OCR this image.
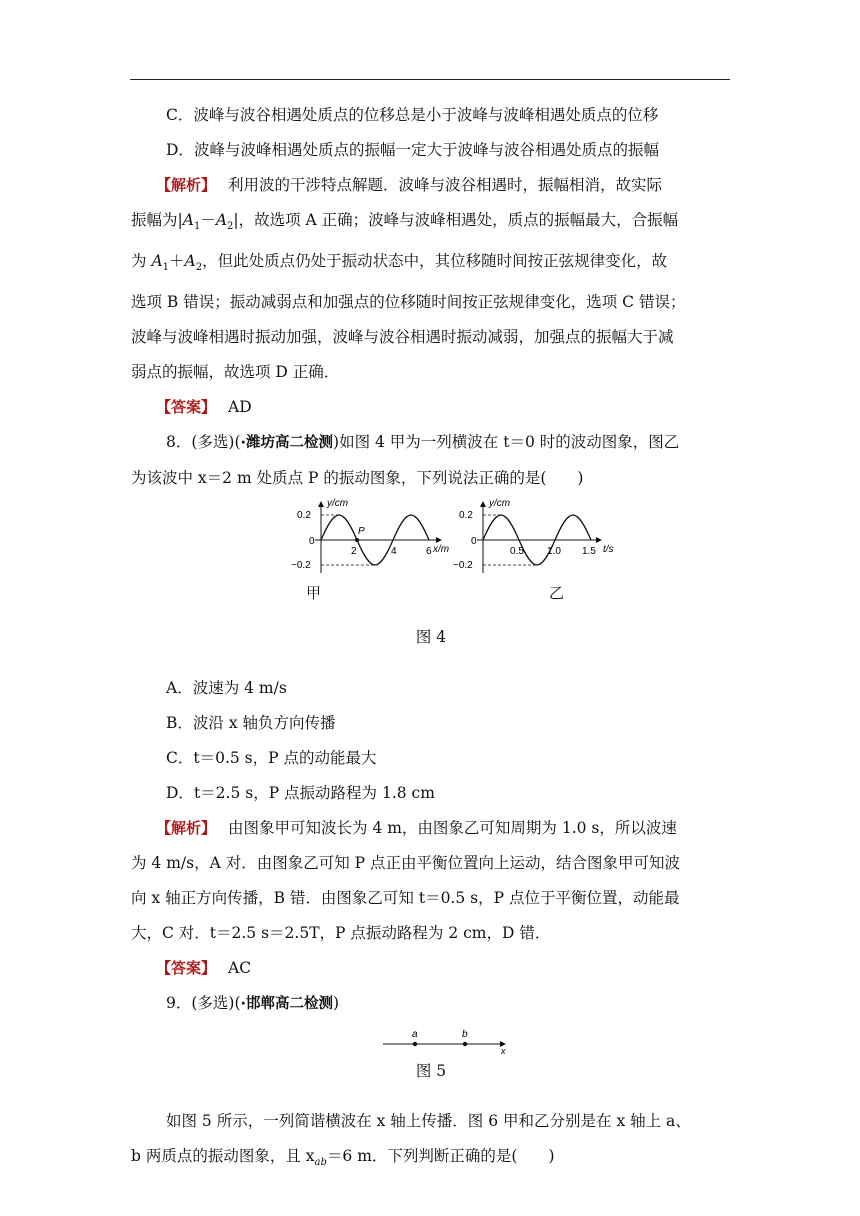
C．波峰与波谷相遇处质点的位移总是小于波峰与波峰相遇处质点的位移

D．波峰与波峰相遇处质点的振幅一定大于波峰与波谷相遇处质点的振幅

【解析】 利用波的干涉特点解题．波峰与波谷相遇时，振幅相消，故实际

振幅为$|A_1-A_2|$，故选项 A 正确；波峰与波峰相遇处，质点的振幅最大，合振幅

为 $A_1+A_2$，但此处质点仍处于振动状态中，其位移随时间按正弦规律变化，故

选项 B 错误；振动减弱点和加强点的位移随时间按正弦规律变化，选项 C 错误；

波峰与波峰相遇时振动加强，波峰与波谷相遇时振动减弱，加强点的振幅大于减

弱点的振幅，故选项 D 正确．

【答案】 AD

8．(多选)(·潍坊高二检测)如图 4 甲为一列横波在 t＝0 时的波动图象，图乙

为该波中 x＝2 m 处质点 P 的振动图象，下列说法正确的是(　　)

y/cm
0.2
0
−0.2
2
P
4	6 x/m
甲
y/cm
0.2
0
−0.2
0.5 1.0 1.5 t/s
乙

图 4

A．波速为 4 m/s

B．波沿 x 轴负方向传播

C．t＝0.5 s，P 点的动能最大

D．t＝2.5 s，P 点振动路程为 1.8 cm

【解析】 由图象甲可知波长为 4 m，由图象乙可知周期为 1.0 s，所以波速

为 4 m/s，A 对．由图象乙可知 P 点正由平衡位置向上运动，结合图象甲可知波

向 x 轴正方向传播，B 错．由图象乙可知 t＝0.5 s，P 点位于平衡位置，动能最

大，C 对．t＝2.5 s＝2.5T，P 点振动路程为 2 cm，D 错．

【答案】 AC

9．(多选)(·邯郸高二检测)

a	b
x

图 5

如图 5 所示，一列简谐横波在 x 轴上传播．图 6 甲和乙分别是在 x 轴上 a、

b 两质点的振动图象，且 $x_{ab}=6$ m．下列判断正确的是(　　)
